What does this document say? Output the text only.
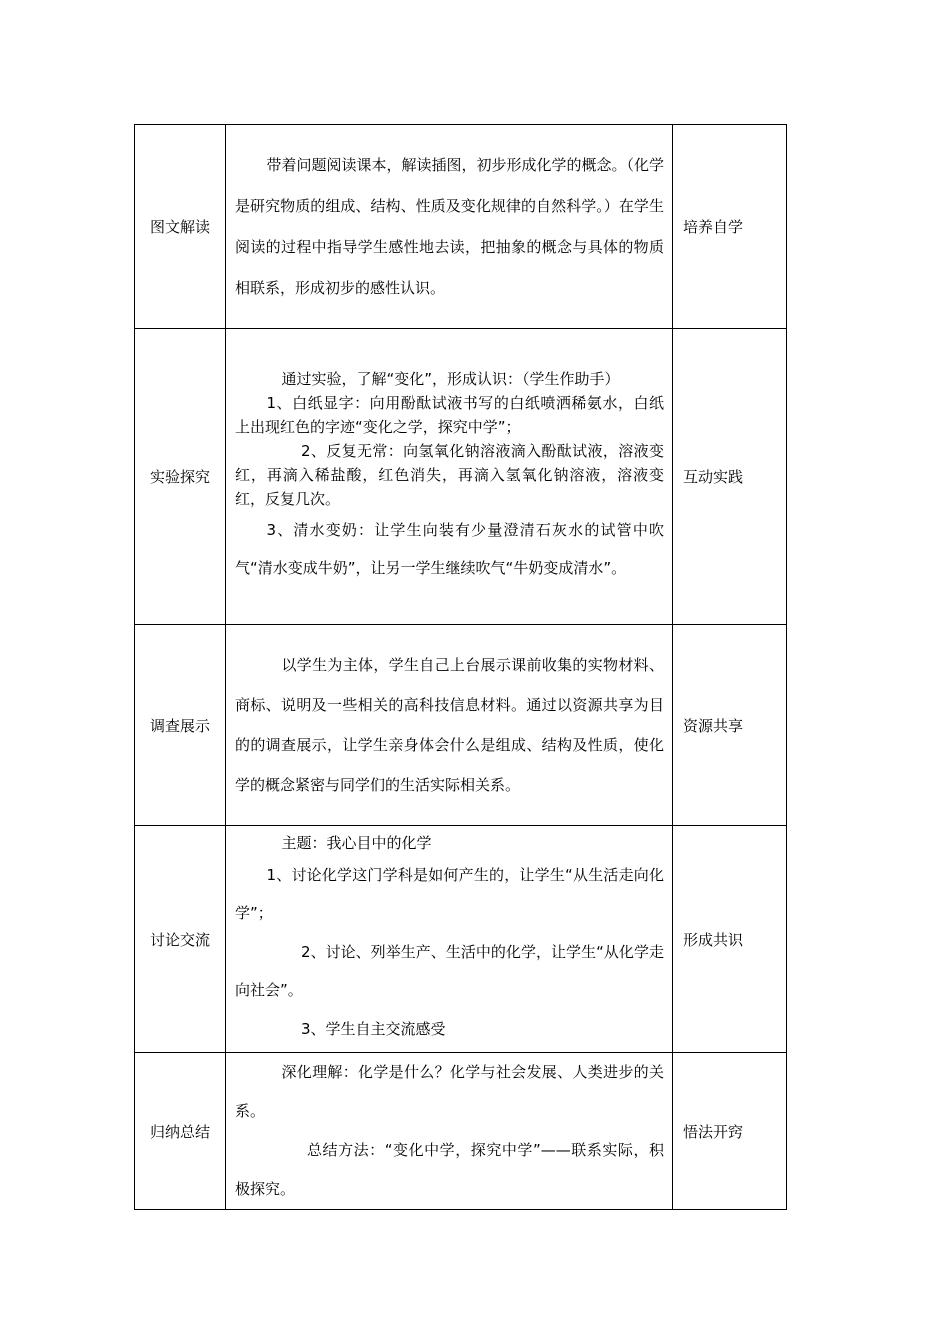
图文解读	带着问题阅读课本，解读插图，初步形成化学的概念。（化学是研究物质的组成、结构、性质及变化规律的自然科学。）在学生阅读的过程中指导学生感性地去读，把抽象的概念与具体的物质相联系，形成初步的感性认识。	培养自学
实验探究	通过实验，了解“变化”，形成认识：（学生作助手）

1、白纸显字：向用酚酞试液书写的白纸喷洒稀氨水，白纸上出现红色的字迹“变化之学，探究中学”；

2、反复无常：向氢氧化钠溶液滴入酚酞试液，溶液变红，再滴入稀盐酸，红色消失，再滴入氢氧化钠溶液，溶液变红，反复几次。

3、清水变奶：让学生向装有少量澄清石灰水的试管中吹气“清水变成牛奶”，让另一学生继续吹气“牛奶变成清水”。	互动实践
调查展示	以学生为主体，学生自己上台展示课前收集的实物材料、商标、说明及一些相关的高科技信息材料。通过以资源共享为目的的调查展示，让学生亲身体会什么是组成、结构及性质，使化学的概念紧密与同学们的生活实际相关系。	资源共享
讨论交流	主题：我心目中的化学

1、讨论化学这门学科是如何产生的，让学生“从生活走向化学”；

2、讨论、列举生产、生活中的化学，让学生“从化学走向社会”。

3、学生自主交流感受	形成共识
归纳总结	深化理解：化学是什么？化学与社会发展、人类进步的关系。

总结方法：“变化中学，探究中学”——联系实际，积极探究。	悟法开窍
